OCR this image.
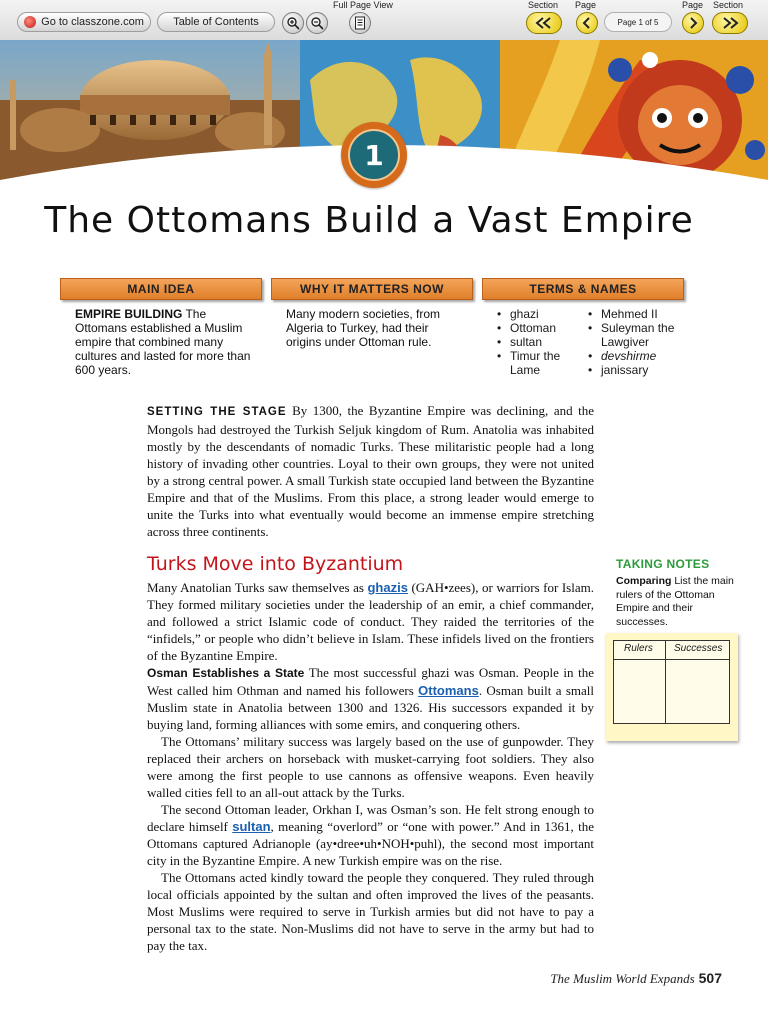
Go to classzone.com	Table of Contents
Full Page View	Section Page
Page 1 of 5
Page Section
1
The Ottomans Build a Vast Empire
MAIN IDEA	WHY IT MATTERS NOW	TERMS & NAMES
EMPIRE BUILDING The Ottomans established a Muslim empire that combined many cultures and lasted for more than 600 years.
Many modern societies, from Algeria to Turkey, had their origins under Ottoman rule.
• ghazi
• Ottoman
• sultan
• Timur the Lame
• Mehmed II
• Suleyman the Lawgiver
• devshirme
• janissary

SETTING THE STAGE By 1300, the Byzantine Empire was declining, and the Mongols had destroyed the Turkish Seljuk kingdom of Rum. Anatolia was inhabited mostly by the descendants of nomadic Turks. These militaristic people had a long history of invading other countries. Loyal to their own groups, they were not united by a strong central power. A small Turkish state occupied land between the Byzantine Empire and that of the Muslims. From this place, a strong leader would emerge to unite the Turks into what eventually would become an immense empire stretching across three continents.

Turks Move into Byzantium

Many Anatolian Turks saw themselves as ghazis (GAH•zees), or warriors for Islam. They formed military societies under the leadership of an emir, a chief commander, and followed a strict Islamic code of conduct. They raided the territories of the “infidels,” or people who didn’t believe in Islam. These infidels lived on the frontiers of the Byzantine Empire.

Osman Establishes a State The most successful ghazi was Osman. People in the West called him Othman and named his followers Ottomans. Osman built a small Muslim state in Anatolia between 1300 and 1326. His successors expanded it by buying land, forming alliances with some emirs, and conquering others.

The Ottomans’ military success was largely based on the use of gunpowder. They replaced their archers on horseback with musket-carrying foot soldiers. They also were among the first people to use cannons as offensive weapons. Even heavily walled cities fell to an all-out attack by the Turks.

The second Ottoman leader, Orkhan I, was Osman’s son. He felt strong enough to declare himself sultan, meaning “overlord” or “one with power.” And in 1361, the Ottomans captured Adrianople (ay•dree•uh•NOH•puhl), the second most important city in the Byzantine Empire. A new Turkish empire was on the rise.

The Ottomans acted kindly toward the people they conquered. They ruled through local officials appointed by the sultan and often improved the lives of the peasants. Most Muslims were required to serve in Turkish armies but did not have to pay a personal tax to the state. Non-Muslims did not have to serve in the army but had to pay the tax.

TAKING NOTES
Comparing List the main rulers of the Ottoman Empire and their successes.
Rulers Successes
The Muslim World Expands 507
